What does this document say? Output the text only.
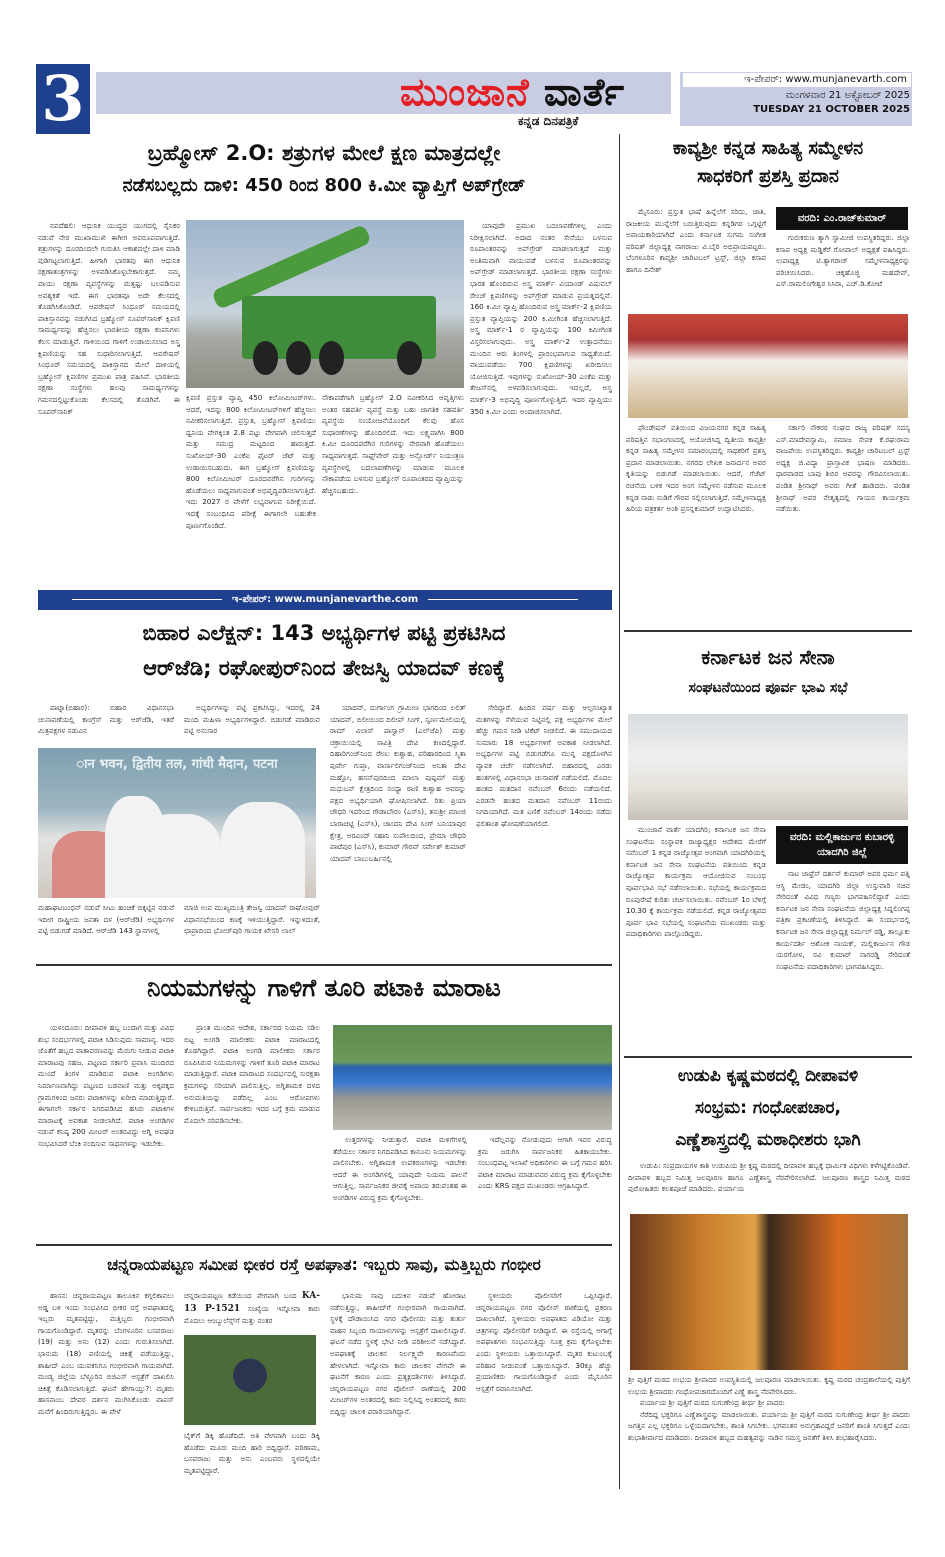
3	ಮುಂಜಾನೆ ವಾರ್ತೆ
ಕನ್ನಡ ದಿನಪತ್ರಿಕೆ
ಇ-ಪೇಪರ್: www.munjanevarth.com
ಮಂಗಳವಾರ 21 ಅಕ್ಟೋಬರ್ 2025
TUESDAY 21 OCTOBER 2025
ಬ್ರಹ್ಮೋಸ್ 2.O: ಶತ್ರುಗಳ ಮೇಲೆ ಕ್ಷಣ ಮಾತ್ರದಲ್ಲೇ
ನಡೆಸಬಲ್ಲದು ದಾಳಿ: 450 ರಿಂದ 800 ಕಿ.ಮೀ ವ್ಯಾಪ್ತಿಗೆ ಅಪ್‌ಗ್ರೇಡ್

ನವದೆಹಲಿ: ಆಧುನಿಕ ಯುದ್ಧದ ಯುಗದಲ್ಲಿ ಸೈನಿಕರ ನಡುವೆ ನೇರ ಮುಖಾಮುಖಿ ಈಗೀಗ ಅಪರೂಪವಾಗುತ್ತಿದೆ. ಶತ್ರುಗಳನ್ನು ದೂರದಿಂದಲೇ ಗುರುತಿಸಿ ಆಕಾಶದಲ್ಲೇ ದಾಳಿ ಮಾಡಿ ಪುಡಿಗಟ್ಟಲಾಗುತ್ತಿದೆ. ಹೀಗಾಗಿ ಭಾರತವು ಈಗ ಆಧುನಿಕ ರಕ್ಷಣಾತಂತ್ರಗಳನ್ನು ಅಳವಡಿಸಿಕೊಳ್ಳಬೇಕಾಗುತ್ತದೆ. ನಮ್ಮ ವಾಯು ರಕ್ಷಣಾ ವ್ಯವಸ್ಥೆಗಳನ್ನು ಮತ್ತಷ್ಟು ಬಲಪಡಿಸುವ ಅವಶ್ಯಕತೆ ಇದೆ. ಈಗ ಭಾರತವೂ ಅದೇ ಕೆಲಸದಲ್ಲಿ ತೊಡಗಿಸಿಕೊಂಡಿದೆ. ಆಪರೇಷನ್ ಸಿಂಧೂರ್ ಸಮಯದಲ್ಲಿ ಪಾಕಿಸ್ತಾನವನ್ನು ನಡುಗಿಸಿದ ಬ್ರಹ್ಮೋಸ್ ಸೂಪರ್‌ಸಾನಿಕ್ ಕ್ಷಿಪಣಿ ಸಾಮರ್ಥ್ಯವನ್ನು ಹೆಚ್ಚಿಸಲು ಭಾರತೀಯ ರಕ್ಷಣಾ ಕಂಪನಿಗಳು ಕೆಲಸ ಮಾಡುತ್ತಿವೆ. ಗಾಳಿಯಿಂದ ಗಾಳಿಗೆ ಉಡಾಯಿಸಲಾದ ಅಸ್ತ್ರ ಕ್ಷಿಪಣಿಯನ್ನು ಸಹ ಸುಧಾರಿಸಲಾಗುತ್ತಿದೆ. ಆಪರೇಷನ್ ಸಿಂಧೂರ್ ಸಮಯದಲ್ಲಿ ಪಾಕಿಸ್ತಾನದ ಮೇಲೆ ದಾಳಿಯಲ್ಲಿ ಬ್ರಹ್ಮೋಸ್ ಕ್ಷಿಪಣಿಗಳ ಪ್ರಮುಖ ಪಾತ್ರ ವಹಿಸಿವೆ. ಭಾರತೀಯ ರಕ್ಷಣಾ ಸಂಸ್ಥೆಗಳು ಹಲವು ಸಾಮರ್ಥ್ಯಗಳನ್ನು ಗಮನದಲ್ಲಿಟ್ಟುಕೊಂಡು ಕೆಲಸದಲ್ಲಿ ತೊಡಗಿವೆ. ಈ ಸೂಪರ್‌ಸಾನಿಕ್

ಕ್ಷಿಪಣಿ ಪ್ರಸ್ತುತ ವ್ಯಾಪ್ತಿ 450 ಕಿಲೋಮೀಟರ್‌ಗಳು. ಆದರೆ, ಇದನ್ನು 800 ಕಿಲೋಮೀಟರ್‌ಗಳಿಗೆ ಹೆಚ್ಚಿಸಲು ನವೀಕರಿಸಲಾಗುತ್ತಿದೆ. ಪ್ರಸ್ತುತ, ಬ್ರಹ್ಮೋಸ್ ಕ್ಷಿಪಣಿಯು ಧ್ವನಿಯ ವೇಗಕ್ಕಿಂತ 2.8 ಪಟ್ಟು ವೇಗವಾಗಿ ಚಲಿಸುತ್ತದೆ ಮತ್ತು ಸಮುದ್ರ ಮಟ್ಟದಿಂದ ಹಾರುತ್ತದೆ. ಸುಖೋಯ್-30 ಎಂಕೆಐ ಫೈಟರ್ ಜೆಟ್ ಮತ್ತು ಉಡಾಯಿಸಬಹುದು. ಈಗ ಬ್ರಹ್ಮೋಸ್ ಕ್ಷಿಪಣಿಯನ್ನು 800 ಕಿಲೋಮೀಟರ್ ದೂರದವರೆಗಿನ ಗುರಿಗಳನ್ನು ಹೊಡೆಯಲು ಸಾಧ್ಯವಾಗುವಂತೆ ಅಭಿವೃದ್ಧಿಪಡಿಸಲಾಗುತ್ತಿದೆ. ಇದು 2027 ರ ವೇಳೆಗೆ ಲಭ್ಯವಾಗುವ ನಿರೀಕ್ಷೆಯಿದೆ. ಇದಕ್ಕೆ ಸಂಬಂಧಿಸಿದ ಪರೀಕ್ಷೆ ಈಗಾಗಲೇ ಬಹುತೇಕ ಪೂರ್ಣಗೊಂಡಿದೆ.
ನೌಕಾಪಡೆಗಾಗಿ ಬ್ರಹ್ಮೋಸ್ 2.O ನವೀಕರಿಸಿದ ಆವೃತ್ತಿಗಳು ಅಂತರ ಸಹವರ್ತಿ ವ್ಯವಸ್ಥೆ ಮತ್ತು ಬಹು ಜಾಗತಿಕ ಸಹವರ್ತಿ ವ್ಯವಸ್ಥೆಯ ಸಂಯೋಜನೆಯೊಂದಿಗೆ ಕೆಲವು ಹೊಸ ಸುಧಾರಣೆಗಳನ್ನು ಹೊಂದಿರಲಿದೆ. ಇದು ಲಕ್ಷ್ಯವಾಗಿಸಿ 800 ಕಿ.ಮೀ ದೂರದವರೆಗಿನ ಗುರಿಗಳನ್ನು ನೇರವಾಗಿ ಹೊಡೆಯಲು ಸಾಧ್ಯವಾಗುತ್ತದೆ. ಸಾಫ್ಟ್‌ವೇರ್ ಮತ್ತು ಆನ್ಬೋರ್ಡ್ ನಿಯಂತ್ರಣ ವ್ಯವಸ್ಥೆಗಳಲ್ಲಿ ಬದಲಾವಣೆಗಳನ್ನು ಮಾಡುವ ಮೂಲಕ ನೌಕಾಪಡೆಯ ಬಳಸುವ ಬ್ರಹ್ಮೋಸ್ ರೂಪಾಂತರದ ವ್ಯಾಪ್ತಿಯನ್ನು ಹೆಚ್ಚಿಸಬಹುದು.

ಯಾವುದೇ ಪ್ರಮುಖ ಬದಲಾವಣೆಗಳಿಲ್ಲ ಎಂದು ನಿರೀಕ್ಷಿಸಲಾಗಿದೆ. ಅದಾದ ನಂತರ ಸೇನೆಯು ಬಳಸುವ ರೂಪಾಂತರವನ್ನು ಅಪ್‌ಗ್ರೇಡ್ ಮಾಡಲಾಗುತ್ತದೆ ಮತ್ತು ಅಂತಿಮವಾಗಿ ವಾಯುಪಡೆ ಬಳಸುವ ರೂಪಾಂತರವನ್ನು ಅಪ್‌ಗ್ರೇಡ್ ಮಾಡಲಾಗುತ್ತದೆ. ಭಾರತೀಯ ರಕ್ಷಣಾ ಸಂಸ್ಥೆಗಳು ಭಾರತ ಹೊಂದಿರುವ ಅಸ್ತ್ರ ಮಾರ್ಕ್ ವಿಯಾಂಡ್ ವಿಷುವಲ್ ರೇಂಜ್ ಕ್ಷಿಪಣಿಗಳನ್ನು ಅಪ್‌ಗ್ರೇಡ್ ಮಾಡುವ ಪ್ರಯತ್ನದಲ್ಲಿವೆ. 160 ಕಿ.ಮೀ ವ್ಯಾಪ್ತಿ ಹೊಂದಿರುವ ಅಸ್ತ್ರ ಮಾರ್ಕ್-2 ಕ್ಷಿಪಣಿಯ ಪ್ರಸ್ತುತ ವ್ಯಾಪ್ತಿಯನ್ನು 200 ಕಿ.ಮೀಗಿಂತ ಹೆಚ್ಚಿಸಲಾಗುತ್ತಿದೆ. ಅಸ್ತ್ರ ಮಾರ್ಕ್-1 ರ ವ್ಯಾಪ್ತಿಯನ್ನು 100 ಕಿಮೀಗಿಂತ ವಿಸ್ತರಿಸಲಾಗುವುದು. ಅಸ್ತ್ರ ಮಾರ್ಕ್-2 ಉತ್ಪಾದನೆಯು ಮುಂದಿನ ಆರು ತಿಂಗಳಲ್ಲಿ ಪ್ರಾರಂಭವಾಗುವ ಸಾಧ್ಯತೆಯಿದೆ. ವಾಯುಪಡೆಯು 700 ಕ್ಷಿಪಣಿಗಳನ್ನು ಖರೀದಿಸಲು ಯೋಜಿಸುತ್ತಿದೆ. ಇವುಗಳನ್ನು ಸುಖೋಯ್-30 ಎಂಕೆಐ ಮತ್ತು ತೇಜಸ್‌ನಲ್ಲಿ ಅಳವಡಿಸಲಾಗುವುದು. ಇದಲ್ಲದೆ, ಅಸ್ತ್ರ ಮಾರ್ಕ್-3 ಅಭಿವೃದ್ಧಿ ಪೂರ್ಣಗೊಳ್ಳುತ್ತಿದೆ. ಇದರ ವ್ಯಾಪ್ತಿಯು 350 ಕಿ.ಮೀ ಎಂದು ಅಂದಾಜಿಸಲಾಗಿದೆ.

ಇ-ಪೇಪರ್: www.munjanevarthe.com
ಬಿಹಾರ ಎಲೆಕ್ಷನ್: 143 ಅಭ್ಯರ್ಥಿಗಳ ಪಟ್ಟಿ ಪ್ರಕಟಿಸಿದ
ಆರ್‌ಜೆಡಿ; ರಘೋಪುರ್‌ನಿಂದ ತೇಜಸ್ವಿ ಯಾದವ್ ಕಣಕ್ಕೆ

ಪಾಟ್ನಾ(ಬಿಹಾರ): ಬಿಹಾರ ವಿಧಾನಸಭಾ ಚುನಾವಣೆಯಲ್ಲಿ ಕಾಂಗ್ರೆಸ್ ಮತ್ತು ಆರ್‌ಜೆಡಿ, ಇತರೆ ಮಿತ್ರಪಕ್ಷಗಳ ನಡುವಿನ

ಅಭ್ಯರ್ಥಿಗಳನ್ನು ಪಟ್ಟಿ ಪ್ರಕಟಿಸಿದ್ದು, ಇದರಲ್ಲಿ 24 ಮಂದಿ ಮಹಿಳಾ ಅಭ್ಯರ್ಥಿಗಳಿದ್ದಾರೆ. ಬಿಡುಗಡೆ ಮಾಡಿರುವ ಪಟ್ಟಿ ಅನುಸಾರ

ान भवन, द्वितीय तल, गांधी मैदान, पटना
ಮಹಾಘಟಬಂಧನ್ ನಡುವೆ ಸೀಟು ಹಂಚಿಕೆ ಬಿಕ್ಕಟ್ಟಿನ ನಡುವೆ ಇದೀಗ ರಾಷ್ಟ್ರೀಯ ಜನತಾ ದಳ (ಆರ್‌ಜೆಡಿ) ಅಭ್ಯರ್ಥಿಗಳ ಪಟ್ಟಿ ಬಿಡುಗಡೆ ಮಾಡಿದೆ. ಆರ್‌ಜೆಡಿ 143 ಸ್ಥಾನಗಳಲ್ಲಿ
ಮಾಜಿ ಉಪ ಮುಖ್ಯಮಂತ್ರಿ ತೇಜಸ್ವಿ ಯಾದವ್ ರಾಘೋಪುರ್ ವಿಧಾನಸಭೆಯಿಂದ ಕಣಕ್ಕೆ ಇಳಿಯುತ್ತಿದ್ದಾರೆ. ಇನ್ನುಳಿದಂತೆ, ಛಾಪ್ರಾದಿಂದ ಭೋಜ್‌ಪುರಿ ಗಾಯಕ ಖೇಸರಿ ಲಾಲ್

ಯಾದವ್, ದುರ್ಗಾಂಗ ಗ್ರಾಮೀಣ ಭಾಗದಿಂದ ಲಲಿತ್ ಯಾದವ್, ಬಿಲೀಯಿಂದ ದಿಲೀಪ್ ಸಿಂಗ್, ಸ್ವರ್ಣಮೇಲಿಯಲ್ಲಿ ರಾಮ್ ವಿಲಾಸ್ ಪಾಸ್ವಾನ್ (ಎಲ್‌ಜೆಪಿ) ಮತ್ತು ಚಕ್ರಾಯಿಯಲ್ಲಿ ಸಾವಿತ್ರಿ ದೇವಿ ಕಣದಲ್ಲಿದ್ದಾರೆ. ದಿಹಾರಿಗಂಜ್‌ನಿಂದ ರೇಣು ಕುಶ್ವಾಹ, ಪರಿಹಾರದಿಂದ ಸ್ಮಿತಾ ಪುರ್ವೇ ಗುಪ್ತಾ, ವಾರ್ಸಾಲಿಗಂಜ್‌ನಿಂದ ಅನಿತಾ ದೇವಿ ಮಹ್ತೋ, ಹಸನ್‌ಪುರದಿಂದ ಮಾಲಾ ಪುಷ್ಪಮ್ ಮತ್ತು ಮಧುಬನ್ ಕ್ಷೇತ್ರದಿಂದ ಸಂಧ್ಯಾ ರಾಣಿ ಕುಶ್ವಾಹ ಅವರನ್ನು ಪಕ್ಷದ ಅಭ್ಯರ್ಥಿಯಾಗಿ ಘೋಷಿಸಲಾಗಿದೆ. ರಿತು ಪ್ರಿಯಾ ಚೌಧರಿ ಇವರಿಂದ ಗೌಡಾಬೌರಂ (ಎಸ್‌ಸಿ), ತನುಶ್ರೀ ಮಾಂಜಿ ಬಾರಾಚಟ್ಟಿ (ಎಸ್‌ಸಿ), ಚಾಂದನಿ ದೇವಿ ಸಿಂಗ್ ಬನಿಯಾಪುರ ಕ್ಷೇತ್ರ, ಅರವಿಂದ್ ಸಹಾನಿ ಸುಪೌಲದಿಂದ, ಪ್ರೇಮಾ ಚೌಧರಿ ಪಾಟೆಪುರ (ಎಸ್‌ಸಿ), ಕುಮಾರ್ ಗೌರವ್ ಸರ್ವೇಶ್ ಕುಮಾರ್ ಯಾದವ್ ಬಾಬುಬರ್ಹಿನಲ್ಲಿ

ಸೇರಿದ್ದಾರೆ. ಹಿಂದಿನ ವರ್ಷ ಮತ್ತು ಅಲ್ಪಸಂಖ್ಯಾತ ಮತಗಳನ್ನು ಸೆಳೆಯುವ ನಿಟ್ಟಿನಲ್ಲಿ ಪಕ್ಷ ಅಭ್ಯರ್ಥಿಗಳ ಮೇಲೆ ಹೆಚ್ಚು ಗಮನ ನೀಡಿ ಟಿಕೆಟ್ ನೀಡಲಿದೆ. ಈ ಸಮುದಾಯದ ಸುಮಾರು 18 ಅಭ್ಯರ್ಥಿಗಳಿಗೆ ಅವಕಾಶ ನೀಡಲಾಗಿದೆ. ಅಭ್ಯರ್ಥಿಗಳ ಪಟ್ಟಿ ಬಿಡುಗಡೆಗೂ ಮುನ್ನ ಪಕ್ಷದೊಳಗಿನ ವ್ಯಾಪಕ ಚರ್ಚೆ ನಡೆಸಲಾಗಿದೆ. ಬಿಹಾರದಲ್ಲಿ ಎರಡು ಹಂತಗಳಲ್ಲಿ ವಿಧಾನಸಭಾ ಚುನಾವಣೆ ನಡೆಯಲಿದೆ. ಮೊದಲ ಹಂತದ ಮತದಾನ ನವೆಂಬರ್ 6ರಂದು ನಡೆಯಲಿದೆ. ಎರಡನೇ ಹಂತದ ಮತದಾನ ನವೆಂಬರ್ 11ರಂದು ನಿಗದಿಯಾಗಿದೆ. ಮತ ಎಣಿಕೆ ನವೆಂಬರ್ 14ರಂದು ನಡೆದು ಫಲಿತಾಂಶ ಘೋಷಣೆಯಾಗಲಿದೆ.

ನಿಯಮಗಳನ್ನು ಗಾಳಿಗೆ ತೂರಿ ಪಟಾಕಿ ಮಾರಾಟ

ಯಳಂದೂರು: ದೀಪಾವಳಿ ಹಬ್ಬ ಬಂದಾಗ ಮತ್ತು ವಿವಿಧ ಶುಭ ಸಂದರ್ಭಗಳಲ್ಲಿ ಪಟಾಕಿ ಸಿಡಿಸುವುದು ಸಾಮಾನ್ಯ. ಇದರ ಜೊತೆಗೆ ಹಬ್ಬದ ವಾತಾವರಣವನ್ನು ಮೆರುಗು ನೀಡುವ ಪಟಾಕಿ ಮಾರಾಟವು ಸಹಜ. ಪಟ್ಟಣದ ಸರ್ಕಾರಿ ಪ್ರವಾಸಿ ಮಂದಿರದ ಮುಂದೆ ತಿಂಗಳ ಮಾಡಿರುವ ಪಟಾಕಿ ಅಂಗಡಿಗಳು ನಿರ್ಮಾಣವಾಗಿದ್ದು ಪಟ್ಟಣದ ಬಡವಾಣಿ ಮತ್ತು ಅಕ್ಕಪಕ್ಕದ ಗ್ರಾಮಗಳಿಂದ ಜನರು ಪಟಾಕಿಗಳನ್ನು ಖರೀದಿ ಮಾಡುತ್ತಿದ್ದಾರೆ. ಈಗಾಗಲೇ ಸರ್ಕಾರ ನಿಗದಿಪಡಿಸಿದ ಹಸಿರು ಪಟಾಕಿಗಳ ಮಾರಾಟಕ್ಕೆ ಅವಕಾಶ ನೀಡಲಾಗಿದೆ. ಪಟಾಕಿ ಅಂಗಡಿಗಳ ನಡುವೆ ಕನಿಷ್ಠ 200 ಮೀಟರ್ ಅಂತರವಿದ್ದು ಅಗ್ನಿ ಅವಘಡ ಸಂಭವಿಸಿದರೆ ಬೆಂಕಿ ನಂದಿಸುವ ಸಾಧನಗಳನ್ನು ಇಡಬೇಕು.

ಪ್ರಾಂತ ಮುಂದಿನ ಆದೇಶ, ಸರ್ಕಾರದ ನಿಯಮ ಸಡಿಲ ಬಿಟ್ಟ ಅಂಗಡಿ ಮಾಲೀಕರು ಪಟಾಕಿ ಮಾರಾಟದಲ್ಲಿ ತೊಡಗಿದ್ದಾರೆ. ಪಟಾಕಿ ಅಂಗಡಿ ಮಾಲೀಕರು ಸರ್ಕಾರ ರೂಪಿಸಿರುವ ನಿಯಮಗಳನ್ನು ಗಾಳಿಗೆ ತೂರಿ ಪಟಾಕಿ ಮಾರಾಟ ಮಾಡುತ್ತಿದ್ದಾರೆ. ಪಟಾಕಿ ಮಾರಾಟದ ಸಂದರ್ಭದಲ್ಲಿ ಸುರಕ್ಷತಾ ಕ್ರಮಗಳನ್ನು ಸರಿಯಾಗಿ ಪಾಲಿಸುತ್ತಿಲ್ಲ. ಅಗ್ನಿಶಾಮಕ ದಳದ ಅನುಮತಿಯನ್ನು ಪಡೆದಿಲ್ಲ ಎಂಬ ಆರೋಪಗಳು ಕೇಳಿಬರುತ್ತಿವೆ. ಸಾರ್ವಜನಿಕರು ಇದರ ಬಗ್ಗೆ ಕ್ರಮ ಮಾಡುವ ಮೊದಲೇ ಸರಿಪಡಿಸಬೇಕು.

ಉತ್ತರಗಳನ್ನು ನೀಡುತ್ತಾರೆ. ಪಟಾಕಿ ಮಳಿಗೆಗಳಲ್ಲಿ ತೆರೆಯಲು ಸರ್ಕಾರ ನಿಗದಿಪಡಿಸಿದ ಕಾನೂನು ನಿಯಮಗಳನ್ನು ಪಾಲಿಸಬೇಕು. ಅಗ್ನಿಶಾಮಕ ಉಪಕರಣಗಳನ್ನು ಇಡಬೇಕು ಆದರೆ ಈ ಅಂಗಡಿಗಳಲ್ಲಿ ಯಾವುದೇ ನಿಯಮ ಪಾಲನೆ ಆಗುತ್ತಿಲ್ಲ. ಸಾರ್ವಜನಿಕರ ಜೀವಕ್ಕೆ ಅಪಾಯ ತರುವಂತಹ ಈ ಅಂಗಡಿಗಳ ವಿರುದ್ಧ ಕ್ರಮ ಕೈಗೊಳ್ಳಬೇಕು.

ಇದೆಲ್ಲವನ್ನು ನೋಡುವುದು ಆಗಾಗಿ ಇವರ ವಿರುದ್ಧ ಕ್ರಮ ಜರುಗಿಸಿ ಸಾರ್ವಜನಿಕರ ಹಿತಕಾಯಬೇಕು. ಸಂಬಂಧಪಟ್ಟ ಇಲಾಖೆ ಅಧಿಕಾರಿಗಳು ಈ ಬಗ್ಗೆ ಗಮನ ಹರಿಸಿ ಪಟಾಕಿ ಮಾರಾಟ ಮಾಡುವವರ ವಿರುದ್ಧ ಕ್ರಮ ಕೈಗೊಳ್ಳಬೇಕು ಎಂದು KRS ಪಕ್ಷದ ಮುಖಂಡರು ಆಗ್ರಹಿಸಿದ್ದಾರೆ.

ಚನ್ನರಾಯಪಟ್ಟಣ ಸಮೀಪ ಭೀಕರ ರಸ್ತೆ ಅಪಘಾತ: ಇಬ್ಬರು ಸಾವು, ಮತ್ತಿಬ್ಬರು ಗಂಭೀರ

ಹಾಸನ: ಚನ್ನರಾಯಪಟ್ಟಣ ತಾಲೂಕಿನ ಕಗ್ಗಲಿಕಾವಲು ಅಡ್ಡ ಬಳಿ ಇಂದು ಸಂಭವಿಸಿದ ಭೀಕರ ರಸ್ತೆ ಅಪಘಾತದಲ್ಲಿ ಇಬ್ಬರು ಮೃತಪಟ್ಟಿದ್ದು, ಮತ್ತಿಬ್ಬರು ಗಂಭೀರವಾಗಿ ಗಾಯಗೊಂಡಿದ್ದಾರೆ. ಮೃತರನ್ನು ಬೆಂಗಳೂರಿನ ಬಸವರಾಜು (19) ಮತ್ತು ಅನು (12) ಎಂದು ಗುರುತಿಸಲಾಗಿದೆ. ಭಾನುಮ (18) ಪಣಿಯಲ್ಲಿ ಚಿಕಿತ್ಸೆ ಪಡೆಯುತ್ತಿದ್ದು, ಶಾಹೀದ್ ಎಂಬ ಯುವಕನಿಗೂ ಗಂಭೀರವಾಗಿ ಗಾಯವಾಗಿದೆ. ಮಂಡ್ಯ ಜಿಲ್ಲೆಯ ಬೆಳ್ಳೂರಿನ ಬಿಜಿಎಸ್ ಆಸ್ಪತ್ರೆಗೆ ದಾಖಲಿಸಿ ಚಿಕಿತ್ಸೆ ಕೊಡಿಸಲಾಗುತ್ತಿದೆ. ಘಟನೆ ಹೇಗಾಯ್ತು?: ಮೃತರು ಹಾಸನಾಂಬ ದೇವರ ದರ್ಶನ ಮುಗಿಸಿಕೊಂಡು ವಾಪಸ್ ಮನೆಗೆ ಹಿಂದಿರುಗುತ್ತಿದ್ದರು. ಈ ವೇಳೆ

ಚನ್ನರಾಯಪಟ್ಟಣ ಕಡೆಯಿಂದ ವೇಗವಾಗಿ ಬಂದ KA-13 P-1521 ಸಂಖ್ಯೆಯ ಇನ್ನೋವಾ ಕಾರು ಮೊದಲು ಆಂಬ್ಯುಲೆನ್ಸ್‌ಗೆ ಮತ್ತು ನಂತರ
ಬೈಕ್‌ಗೆ ಡಿಕ್ಕಿ ಹೊಡೆದಿದೆ. ಅತಿ ವೇಗವಾಗಿ ಬಂದು ಡಿಕ್ಕಿ ಹೊಡೆದು ಮೂರು ಮಂದಿ ಹಾರಿ ಬಿದ್ದಿದ್ದಾರೆ. ಪರಿಣಾಮ, ಬಸವರಾಜು ಮತ್ತು ಅನು ಎಂಬವರು ಸ್ಥಳದಲ್ಲಿಯೇ ಮೃತಪಟ್ಟಿದ್ದಾರೆ.

ಭಾನುಮ ಸಾವು ಬದುಕಿನ ನಡುವೆ ಹೋರಾಟ ನಡೆಸುತ್ತಿದ್ದು, ಶಾಹೀದ್‌ಗೆ ಗಂಭೀರವಾಗಿ ಗಾಯವಾಗಿದೆ. ಸ್ಥಳಕ್ಕೆ ದೌಡಾಯಿಸಿದ ನಗರ ಪೊಲೀಸರು ಮತ್ತು ತುರ್ತು ವಾಹನ ಸಿಬ್ಬಂದಿ ಗಾಯಾಳುಗಳನ್ನು ಆಸ್ಪತ್ರೆಗೆ ದಾಖಲಿಸಿದ್ದಾರೆ. ಘಟನೆ ನಡೆದ ಸ್ಥಳಕ್ಕೆ ಭೇಟಿ ನೀಡಿ ಪರಿಶೀಲನೆ ನಡೆಸಿದ್ದಾರೆ. ಅಪಘಾತಕ್ಕೆ ಚಾಲಕನ ನಿರ್ಲಕ್ಷ್ಯವೇ ಕಾರಣವೆಂದು ಹೇಳಲಾಗಿದೆ. ಇನ್ನೋವಾ ಕಾರು ಚಾಲಕನ ವೇಗವೇ ಈ ಘಟನೆಗೆ ಕಾರಣ ಎಂದು ಪ್ರತ್ಯಕ್ಷದರ್ಶಿಗಳು ತಿಳಿಸಿದ್ದಾರೆ. ಚನ್ನರಾಯಪಟ್ಟಣ ನಗರ ಪೊಲೀಸ್ ಠಾಣೆಯಲ್ಲಿ 200 ಮೀಟರ್‌ಗಳ ಅಂತರದಲ್ಲಿ ಕಾರು ನಿಲ್ಲಿಸಿದ್ದ ಅಂತರದಲ್ಲಿ ಕಾರು ಬಿದ್ದಿದ್ದು ಚಾಲಕ ಪರಾರಿಯಾಗಿದ್ದಾನೆ.

ಸ್ಥಳೀಯರು ಪೊಲೀಸರಿಗೆ ಒಪ್ಪಿಸಿದ್ದಾರೆ. ಚನ್ನರಾಯಪಟ್ಟಣ ನಗರ ಪೊಲೀಸ್ ಠಾಣೆಯಲ್ಲಿ ಪ್ರಕರಣ ದಾಖಲಾಗಿದೆ. ಸ್ಥಳೀಯರು ಅಪಘಾತದ ವಿಡಿಯೋ ಮತ್ತು ಚಿತ್ರಗಳನ್ನು ಪೊಲೀಸರಿಗೆ ನೀಡಿದ್ದಾರೆ. ಈ ರಸ್ತೆಯಲ್ಲಿ ಆಗಾಗ್ಗೆ ಅಪಘಾತಗಳು ಸಂಭವಿಸುತ್ತಿದ್ದು ಸೂಕ್ತ ಕ್ರಮ ಕೈಗೊಳ್ಳಬೇಕು ಎಂದು ಸ್ಥಳೀಯರು ಒತ್ತಾಯಿಸಿದ್ದಾರೆ. ಮೃತರ ಕುಟುಂಬಕ್ಕೆ ಪರಿಹಾರ ನೀಡುವಂತೆ ಒತ್ತಾಯಿಸಿದ್ದಾರೆ. 30ಕ್ಕೂ ಹೆಚ್ಚು ಪ್ರಯಾಣಿಕರು ಗಾಯಗೊಂಡಿದ್ದಾರೆ ಎಂದು ಮೈಸೂರಿನ ಆಸ್ಪತ್ರೆಗೆ ರವಾನಿಸಲಾಗಿದೆ.

ಕಾವ್ಯಶ್ರೀ ಕನ್ನಡ ಸಾಹಿತ್ಯ ಸಮ್ಮೇಳನ
ಸಾಧಕರಿಗೆ ಪ್ರಶಸ್ತಿ ಪ್ರದಾನ

ಮೈಸೂರು: ಪ್ರಸ್ತುತ ಭಾಷೆ ಹಿನ್ನೆಲೆಗೆ ಸರಿದು, ಜಾತಿ, ರಾಜಕೀಯ ಮುನ್ನೆಲೆಗೆ ಬರುತ್ತಿರುವುದು ಕನ್ನಡಿಗರ ಒಗ್ಗಟ್ಟಿಗೆ ಅಪಾಯಕಾರಿಯಾಗಿದೆ ಎಂದು ಕರ್ನಾಟಕ ಸುಗಮ ಸಂಗೀತ ಪರಿಷತ್ ಜಿಲ್ಲಾಧ್ಯಕ್ಷ ನಾಗರಾಜು ವಿ.ಬೈರಿ ಅಭಿಪ್ರಾಯಪಟ್ಟರು. ಬೆಂಗಳೂರಿನ ಕಾವ್ಯಶ್ರೀ ಚಾರಿಟಬಲ್ ಟ್ರಸ್ಟ್, ಜಿಲ್ಲಾ ಕಸಾಪ ಹಾಗೂ ದಿನೇಶ್

ವರದಿ: ಎಂ.ರಾಜ್‌ಕುಮಾರ್

ಗುರುಕರುಣ ತ್ಯಾಗಿ ಸ್ವಾಮೀಜಿ ಉಪಸ್ಥಿತರಿದ್ದರು. ಜಿಲ್ಲಾ ಕಸಾಪ ಅಧ್ಯಕ್ಷ ಮಡ್ಡಿಕೆರೆ ಗೋಪಾಲ್ ಅಧ್ಯಕ್ಷತೆ ವಹಿಸಿದ್ದರು. ಉಪಾಧ್ಯಕ್ಷ ಟಿ.ತ್ಯಾಗರಾಜ್ ಸಮ್ಮೇಳನಾಧ್ಯಕ್ಷರನ್ನು ಪರಿಚಯಿಸಿದರು. ಚಿಕ್ಕಹೊಜ್ಜಿ ಮಹದೇವ್, ಎಸ್.ರಾಮಲಿಂಗೇಶ್ವರ ಸಿಸಿರಾ, ಎಚ್.ಡಿ.ಕೋಟೆ

ಫೌಂಡೇಷನ್ ವತಿಯಿಂದ ವಿಜಯನಗರ ಕನ್ನಡ ಸಾಹಿತ್ಯ ಪರಿಷತ್ತಿನ ಸಭಾಂಗಣದಲ್ಲಿ ಆಯೋಜಿಸಿದ್ದ ದ್ವಿತೀಯ ಕಾವ್ಯಶ್ರೀ ಕನ್ನಡ ಸಾಹಿತ್ಯ ಸಮ್ಮೇಳನ ಸಮಾರಂಭದಲ್ಲಿ ಸಾಧಕರಿಗೆ ಪ್ರಶಸ್ತಿ ಪ್ರದಾನ ಮಾಡಲಾಯಿತು. ನಗರದ ಲೇಖಕ ಜನಾರ್ದನ ಅವರ ಕೃತಿಯನ್ನು ಬಿಡುಗಡೆ ಮಾಡಲಾಯಿತು. ಆದರೆ, ಗೆಜೆಟ್ ರಚನೆಯ ಬಳಿಕ ಇದರ ಅಂಗ ಸಮ್ಮೇಳನ ನಡೆಸುವ ಮೂಲಕ ಕನ್ನಡ ನಾಡು ನುಡಿಗೆ ಗೌರವ ಸಲ್ಲಿಸಲಾಗುತ್ತಿದೆ. ಸಮ್ಮೇಳನಾಧ್ಯಕ್ಷ ಹಿರಿಯ ಪತ್ರಕರ್ತ ಅಂಶಿ ಪ್ರಸನ್ನಕುಮಾರ್ ಉದ್ಘಾಟಿಸಿದರು.

ಸರ್ಕಾರಿ ನೌಕರರ ಸಂಘದ ರಾಜ್ಯ ಪರಿಷತ್ ಸದಸ್ಯ ಎಸ್.ಮಾದೇವಸ್ವಾಮಿ, ಸಮಾಜ ಸೇವಕ ಕೆ.ರಘುರಾಮ ವಾಜಪೇಯಿ ಉಪಸ್ಥಿತರಿದ್ದರು. ಕಾವ್ಯಶ್ರೀ ಚಾರಿಟಬಲ್ ಟ್ರಸ್ಟ್ ಅಧ್ಯಕ್ಷ ಜಿ.ವಿದ್ಯಾ ಪ್ರಾಸ್ತಾವಿಕ ಭಾಷಣ ಮಾಡಿದರು. ಧಾರವಾಡದ ಬಾಪು ಶಿಬಿರ ಅವರನ್ನು ಗೌರವಿಸಲಾಯಿತು. ಪಂಡಿತ ಶ್ರೀನಾಥ್ ಅವರು ಗೀತೆ ಹಾಡಿದರು. ಪಂಡಿತ ಶ್ರೀನಾಥ್ ಅವರ ನೇತೃತ್ವದಲ್ಲಿ ಗಾಯನ ಕಾರ್ಯಕ್ರಮ ನಡೆಯಿತು.

ಕರ್ನಾಟಕ ಜನ ಸೇನಾ
ಸಂಘಟನೆಯಿಂದ ಪೂರ್ವ ಭಾವಿ ಸಭೆ

ಮುಂಜಾನೆ ವಾರ್ತೆ ಯಾದಗಿರಿ; ಕರ್ನಾಟಕ ಜನ ಸೇನಾ ಸಂಘಟನೆಯ ಸಂಸ್ಥಾಪಕ ರಾಜ್ಯಾಧ್ಯಕ್ಷರ ಆದೇಶದ ಮೇರೆಗೆ ನವೆಂಬರ್ 1 ಕನ್ನಡ ರಾಜ್ಯೋತ್ಸವ ಅಂಗವಾಗಿ ಯಾದಗಿರಿಯಲ್ಲಿ ಕರ್ನಾಟಕ ಜನ ಸೇನಾ ಸಂಘಟನೆಯ ವತಿಯಿಂದ ಕನ್ನಡ ರಾಜ್ಯೋತ್ಸವ ಕಾರ್ಯಕ್ರಮ ಆಯೋಜಿಸುವ ಸಂಬಂಧ ಪೂರ್ವಭಾವಿ ಸಭೆ ನಡೆಸಲಾಯಿತು. ಸಭೆಯಲ್ಲಿ ಕಾರ್ಯಕ್ರಮದ ರೂಪುರೇಷೆ ಕುರಿತು ಚರ್ಚಿಸಲಾಯಿತು. ನವೆಂಬರ್ 1ರ ಬೆಳಿಗ್ಗೆ 10.30 ಕ್ಕೆ ಕಾರ್ಯಕ್ರಮ ನಡೆಯಲಿದೆ. ಕನ್ನಡ ರಾಜ್ಯೋತ್ಸವದ ಪೂರ್ವ ಭಾವಿ ಸಭೆಯಲ್ಲಿ ಸಂಘಟನೆಯ ಮುಖಂಡರು ಮತ್ತು ಪದಾಧಿಕಾರಿಗಳು ಪಾಲ್ಗೊಂಡಿದ್ದರು.

ವರದಿ: ಮಲ್ಲಿಕಾರ್ಜುನ ಕುಬಾರಳ್ಳಿ ಯಾದಗಿರಿ ಜಿಲ್ಲೆ

ನಾಟ ಜಾಫ್ರೆಸ್ ದರ್ಶನ್ ಕುಮಾರ್ ಅವರ ಧರ್ಮ ಪತ್ನಿ ಆಸ್ಥಿ ಮೇಡಂ, ಯಾದಗಿರಿ ಜಿಲ್ಲಾ ಉಸ್ತುವಾರಿ ಸಚಿವ ಸೇರಿದಂತೆ ವಿವಿಧ ಗಣ್ಯರು ಭಾಗವಹಿಸಲಿದ್ದಾರೆ ಎಂದು ಕರ್ನಾಟಕ ಜನ ಸೇನಾ ಸಂಘಟನೆಯ ಜಿಲ್ಲಾಧ್ಯಕ್ಷ ಸಿದ್ದಲಿಂಗಪ್ಪ ಪತ್ರಿಕಾ ಪ್ರಕಟಣೆಯಲ್ಲಿ ತಿಳಿಸಿದ್ದಾರೆ. ಈ ಸಂದರ್ಭದಲ್ಲಿ ಕರ್ನಾಟಕ ಜನ ಸೇನಾ ಜಿಲ್ಲಾಧ್ಯಕ್ಷ ನಿರ್ಮಲ್ ರಡ್ಡಿ, ತಾಲ್ಲೂಕು ಕಾರ್ಯದರ್ಶಿ ಆಶೋಕ ನಾಯಕ್, ಮಲ್ಲಿಕಾರ್ಜುನ ಗೌಡ ಯರಗೋಳ, ರವಿ ಕುಮಾರ್ ನಾಗರಡ್ಡಿ ಸೇರಿದಂತೆ ಸಂಘಟನೆಯ ಪದಾಧಿಕಾರಿಗಳು ಭಾಗವಹಿಸಿದ್ದರು.

ಉಡುಪಿ ಕೃಷ್ಣಮಠದಲ್ಲಿ ದೀಪಾವಳಿ
ಸಂಭ್ರಮ: ಗಂಧೋಪಚಾರ,
ಎಣ್ಣೆಶಾಸ್ತ್ರದಲ್ಲಿ ಮಠಾಧೀಶರು ಭಾಗಿ

ಉಡುಪಿ: ಸಂಪ್ರದಾಯಗಳ ಕಾಶಿ ಉಡುಪಿಯ ಶ್ರೀ ಕೃಷ್ಣ ಮಠದಲ್ಲಿ ದೀಪಾವಳಿ ಹಬ್ಬಕ್ಕೆ ಧಾರ್ಮಿಕ ವಿಧಿಗಳು ಕಳೆಗಟ್ಟಿಕೊಂಡಿವೆ. ದೀಪಾವಳಿ ಹಬ್ಬದ ನಿಮಿತ್ತ ಜಲಪೂರಣ ಹಾಗೂ ಎಣ್ಣೆಶಾಸ್ತ್ರ ನೆರವೇರಿಸಲಾಗಿದೆ. ಜಲಪೂರಣ ಶಾಸ್ತ್ರದ ನಿಮಿತ್ತ ಮಠದ ಪುರೋಹಿತರು ಕಲಶಪೂಜೆ ಮಾಡಿದರು. ಪರ್ಯಾಯ

ಶ್ರೀ ಪುತ್ತಿಗೆ ಮಠದ ಉಭಯ ಶ್ರೀಪಾದರ ಉಪಸ್ಥಿತಿಯಲ್ಲಿ ಜಲಪೂರಣ ಮಾಡಲಾಯಿತು. ಕೃಷ್ಣ ಮಠದ ಚಂದ್ರಶಾಲೆಯಲ್ಲಿ ಪುತ್ತಿಗೆ ಉಭಯ ಶ್ರೀಪಾದರು ಗಂಧೋಪಚಾರದೊಂದಿಗೆ ಎಣ್ಣೆ ಶಾಸ್ತ್ರ ನೆರವೇರಿಸಿದರು.

ಪರ್ಯಾಯ ಶ್ರೀ ಪುತ್ತಿಗೆ ಮಠದ ಸುಗುಣೇಂದ್ರ ತೀರ್ಥ ಶ್ರೀ ಪಾದರು

ನೆರೆದಿದ್ದ ಭಕ್ತರಿಗೂ ಎಣ್ಣೆಶಾಸ್ತ್ರವನ್ನು ಮಾಡಲಾಯಿತು. ಪರ್ಯಾಯ ಶ್ರೀ ಪುತ್ತಿಗೆ ಮಠದ ಸುಗುಣೇಂದ್ರ ತೀರ್ಥ ಶ್ರೀ ಪಾದರು ಜಗತ್ತಿನ ಎಲ್ಲ ಭಕ್ತರಿಗೂ ಒಳ್ಳೆಯದಾಗಬೇಕು, ಶಾಂತಿ ಸಿಗಬೇಕು. ಭಗವಂತನ ಅನುಗ್ರಹವಿದ್ದರೆ ಜನರಿಗೆ ಶಾಂತಿ ಸಿಗುತ್ತದೆ ಎಂದು ಶುಭಾಶೀರ್ವಾದ ಮಾಡಿದರು. ದೀಪಾವಳಿ ಹಬ್ಬದ ಮಹತ್ವವನ್ನು ನಾಡಿನ ಸಮಸ್ತ ಜನತೆಗೆ ತಿಳಿಸಿ ಶುಭಹಾರೈಸಿದರು.
